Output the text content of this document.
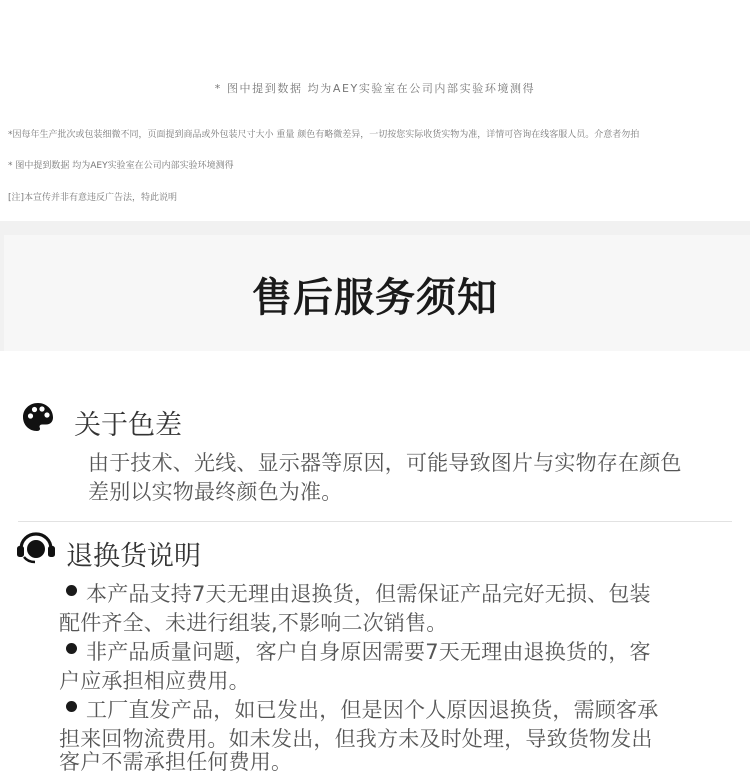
* 图中提到数据 均为AEY实验室在公司内部实验环境测得
*因每年生产批次或包装细微不同，页面提到商品或外包装尺寸大小 重量 颜色有略微差异，一切按您实际收货实物为准，详情可咨询在线客服人员。介意者勿拍
* 图中提到数据 均为AEY实验室在公司内部实验环境测得
[注]本宣传并非有意违反广告法，特此说明
售后服务须知
关于色差
由于技术、光线、显示器等原因，可能导致图片与实物存在颜色
差别以实物最终颜色为准。
退换货说明
本产品支持7天无理由退换货，但需保证产品完好无损、包装
配件齐全、未进行组装,不影响二次销售。
非产品质量问题，客户自身原因需要7天无理由退换货的，客
户应承担相应费用。
工厂直发产品，如已发出，但是因个人原因退换货，需顾客承
担来回物流费用。如未发出，但我方未及时处理，导致货物发出
客户不需承担任何费用。
